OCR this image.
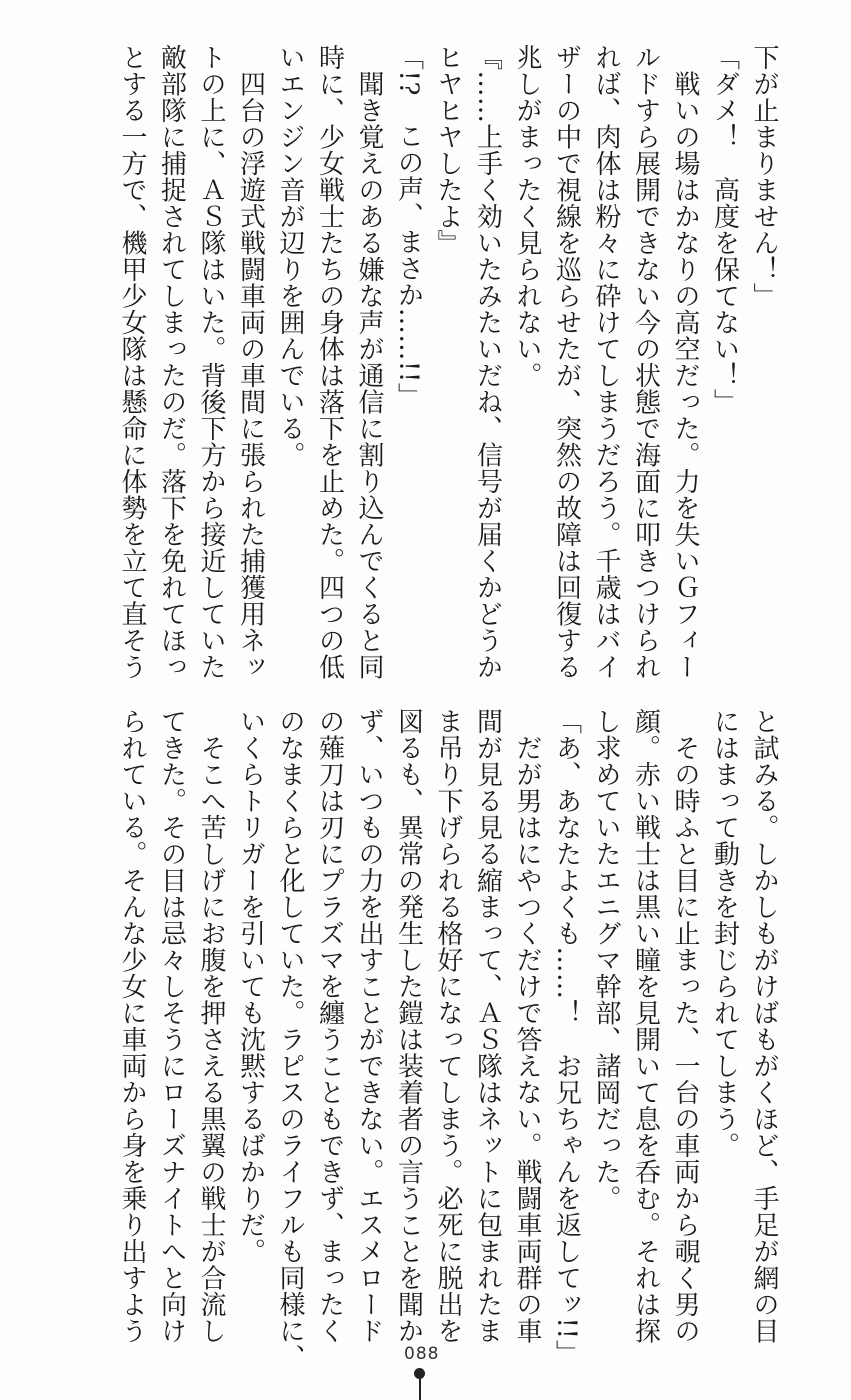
下が止まりません！」

「ダメ！　高度を保てない！」

　戦いの場はかなりの高空だった。力を失いＧフィー

ルドすら展開できない今の状態で海面に叩きつけられ

れば、肉体は粉々に砕けてしまうだろう。千歳はバイ

ザーの中で視線を巡らせたが、突然の故障は回復する

兆しがまったく見られない。

『……上手く効いたみたいだね、信号が届くかどうか

ヒヤヒヤしたよ』

「!?　この声、まさか……!!」

　聞き覚えのある嫌な声が通信に割り込んでくると同

時に、少女戦士たちの身体は落下を止めた。四つの低

いエンジン音が辺りを囲んでいる。

　四台の浮遊式戦闘車両の車間に張られた捕獲用ネッ

トの上に、ＡＳ隊はいた。背後下方から接近していた

敵部隊に捕捉されてしまったのだ。落下を免れてほっ

とする一方で、機甲少女隊は懸命に体勢を立て直そう

と試みる。しかしもがけばもがくほど、手足が網の目

にはまって動きを封じられてしまう。

　その時ふと目に止まった、一台の車両から覗く男の

顔。赤い戦士は黒い瞳を見開いて息を呑む。それは探

し求めていたエニグマ幹部、諸岡だった。

「あ、あなたよくも……！　お兄ちゃんを返してッ!!」

　だが男はにやつくだけで答えない。戦闘車両群の車

間が見る見る縮まって、ＡＳ隊はネットに包まれたま

ま吊り下げられる格好になってしまう。必死に脱出を

図るも、異常の発生した鎧は装着者の言うことを聞か

ず、いつもの力を出すことができない。エスメロード

の薙刀は刃にプラズマを纏うこともできず、まったく

のなまくらと化していた。ラピスのライフルも同様に、

いくらトリガーを引いても沈黙するばかりだ。

　そこへ苦しげにお腹を押さえる黒翼の戦士が合流し

てきた。その目は忌々しそうにローズナイトへと向け

られている。そんな少女に車両から身を乗り出すよう

088
